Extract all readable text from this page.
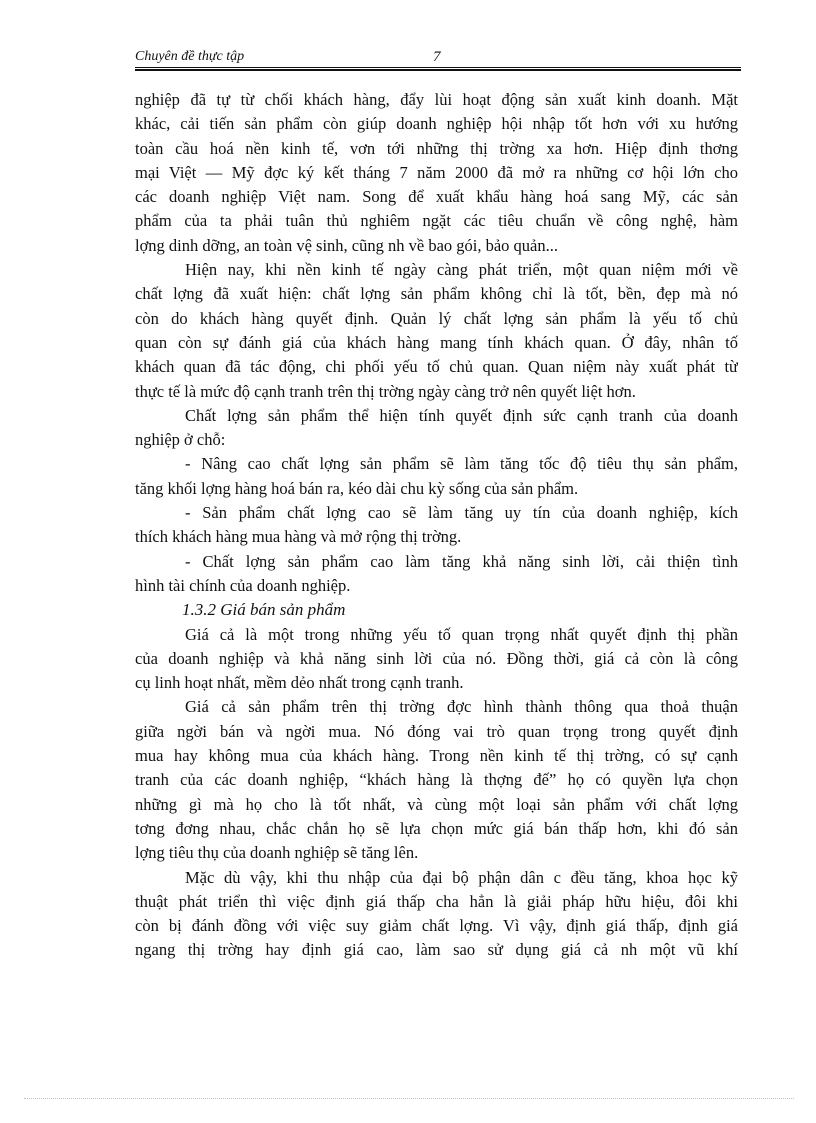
Chuyên đề thực tập	7
nghiệp đã tự từ chối khách hàng, đẩy lùi hoạt động sản xuất kinh doanh. Mặt
khác, cải tiến sản phẩm còn giúp doanh nghiệp hội nhập tốt hơn với xu hướng
toàn cầu hoá nền kinh tế, vơn tới những thị trờng xa hơn. Hiệp định thơng
mại Việt — Mỹ đợc ký kết tháng 7 năm 2000 đã mở ra những cơ hội lớn cho
các doanh nghiệp Việt nam. Song để xuất khẩu hàng hoá sang Mỹ, các sản
phẩm của ta phải tuân thủ nghiêm ngặt các tiêu chuẩn về công nghệ, hàm
lợng dinh dỡng, an toàn vệ sinh, cũng nh về bao gói, bảo quản...
Hiện nay, khi nền kinh tế ngày càng phát triển, một quan niệm mới về
chất lợng đã xuất hiện: chất lợng sản phẩm không chỉ là tốt, bền, đẹp mà nó
còn do khách hàng quyết định. Quản lý chất lợng sản phẩm là yếu tố chủ
quan còn sự đánh giá của khách hàng mang tính khách quan. Ở đây, nhân tố
khách quan đã tác động, chi phối yếu tố chủ quan. Quan niệm này xuất phát từ
thực tế là mức độ cạnh tranh trên thị trờng ngày càng trở nên quyết liệt hơn.
Chất lợng sản phẩm thể hiện tính quyết định sức cạnh tranh của doanh
nghiệp ở chỗ:
- Nâng cao chất lợng sản phẩm sẽ làm tăng tốc độ tiêu thụ sản phẩm,
tăng khối lợng hàng hoá bán ra, kéo dài chu kỳ sống của sản phẩm.
- Sản phẩm chất lợng cao sẽ làm tăng uy tín của doanh nghiệp, kích
thích khách hàng mua hàng và mở rộng thị trờng.
- Chất lợng sản phẩm cao làm tăng khả năng sinh lời, cải thiện tình
hình tài chính của doanh nghiệp.
1.3.2 Giá bán sản phẩm
Giá cả là một trong những yếu tố quan trọng nhất quyết định thị phần
của doanh nghiệp và khả năng sinh lời của nó. Đồng thời, giá cả còn là công
cụ linh hoạt nhất, mềm dẻo nhất trong cạnh tranh.
Giá cả sản phẩm trên thị trờng đợc hình thành thông qua thoả thuận
giữa ngời bán và ngời mua. Nó đóng vai trò quan trọng trong quyết định
mua hay không mua của khách hàng. Trong nền kinh tế thị trờng, có sự cạnh
tranh của các doanh nghiệp, “khách hàng là thợng đế” họ có quyền lựa chọn
những gì mà họ cho là tốt nhất, và cùng một loại sản phẩm với chất lợng
tơng đơng nhau, chắc chắn họ sẽ lựa chọn mức giá bán thấp hơn, khi đó sản
lợng tiêu thụ của doanh nghiệp sẽ tăng lên.
Mặc dù vậy, khi thu nhập của đại bộ phận dân c đều tăng, khoa học kỹ
thuật phát triển thì việc định giá thấp cha hẳn là giải pháp hữu hiệu, đôi khi
còn bị đánh đồng với việc suy giảm chất lợng. Vì vậy, định giá thấp, định giá
ngang thị trờng hay định giá cao, làm sao sử dụng giá cả nh một vũ khí
